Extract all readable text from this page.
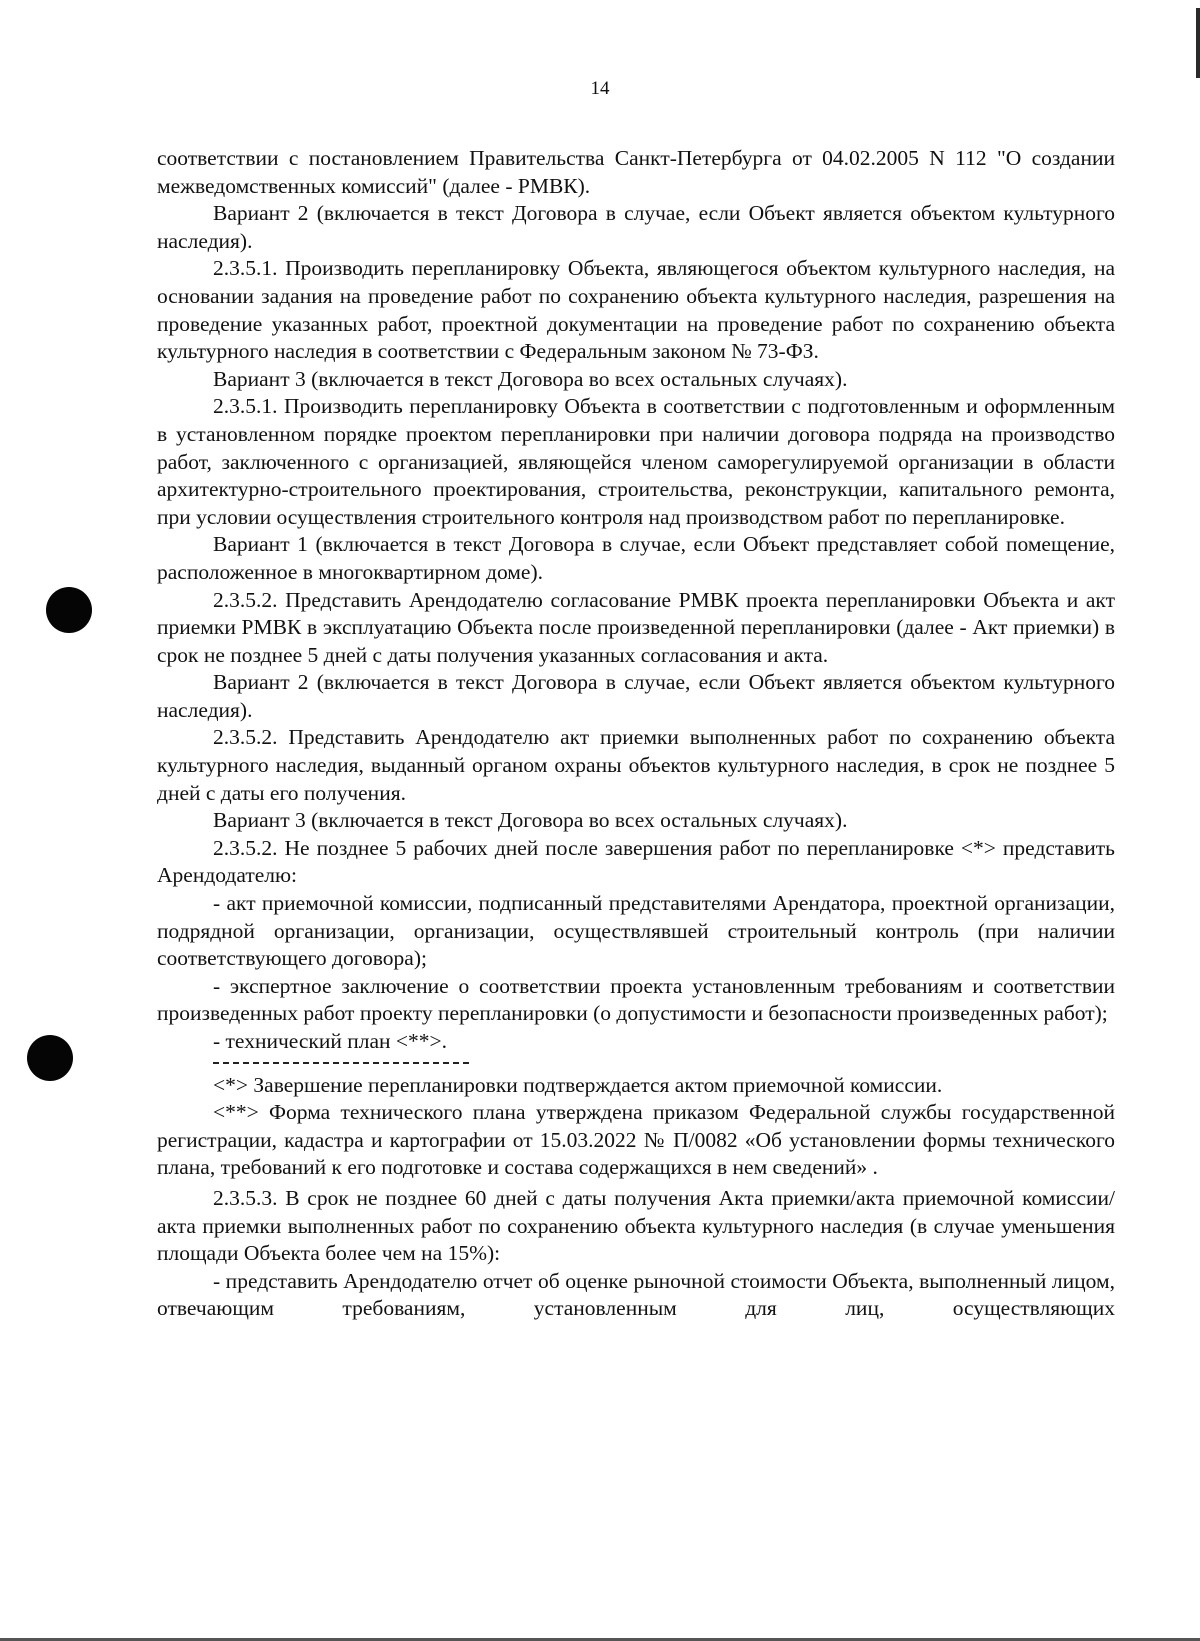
14

соответствии с постановлением Правительства Санкт-Петербурга от 04.02.2005 N 112 "О создании межведомственных комиссий" (далее - РМВК).

Вариант 2 (включается в текст Договора в случае, если Объект является объектом культурного наследия).

2.3.5.1. Производить перепланировку Объекта, являющегося объектом культурного наследия, на основании задания на проведение работ по сохранению объекта культурного наследия, разрешения на проведение указанных работ, проектной документации на проведение работ по сохранению объекта культурного наследия в соответствии с Федеральным законом № 73-ФЗ.

Вариант 3 (включается в текст Договора во всех остальных случаях).

2.3.5.1. Производить перепланировку Объекта в соответствии с подготовленным и оформленным в установленном порядке проектом перепланировки при наличии договора подряда на производство работ, заключенного с организацией, являющейся членом саморегулируемой организации в области архитектурно-строительного проектирования, строительства, реконструкции, капитального ремонта, при условии осуществления строительного контроля над производством работ по перепланировке.

Вариант 1 (включается в текст Договора в случае, если Объект представляет собой помещение, расположенное в многоквартирном доме).

2.3.5.2. Представить Арендодателю согласование РМВК проекта перепланировки Объекта и акт приемки РМВК в эксплуатацию Объекта после произведенной перепланировки (далее - Акт приемки) в срок не позднее 5 дней с даты получения указанных согласования и акта.

Вариант 2 (включается в текст Договора в случае, если Объект является объектом культурного наследия).

2.3.5.2. Представить Арендодателю акт приемки выполненных работ по сохранению объекта культурного наследия, выданный органом охраны объектов культурного наследия, в срок не позднее 5 дней с даты его получения.

Вариант 3 (включается в текст Договора во всех остальных случаях).

2.3.5.2. Не позднее 5 рабочих дней после завершения работ по перепланировке <*> представить Арендодателю:

- акт приемочной комиссии, подписанный представителями Арендатора, проектной организации, подрядной организации, организации, осуществлявшей строительный контроль (при наличии соответствующего договора);

- экспертное заключение о соответствии проекта установленным требованиям и соответствии произведенных работ проекту перепланировки (о допустимости и безопасности произведенных работ);

- технический план <**>.

<*> Завершение перепланировки подтверждается актом приемочной комиссии.

<**> Форма технического плана утверждена приказом Федеральной службы государственной регистрации, кадастра и картографии от 15.03.2022 № П/0082 «Об установлении формы технического плана, требований к его подготовке и состава содержащихся в нем сведений» .

2.3.5.3. В срок не позднее 60 дней с даты получения Акта приемки/акта приемочной комиссии/акта приемки выполненных работ по сохранению объекта культурного наследия (в случае уменьшения площади Объекта более чем на 15%):

- представить Арендодателю отчет об оценке рыночной стоимости Объекта, выполненный лицом, отвечающим требованиям, установленным для лиц, осуществляющих
